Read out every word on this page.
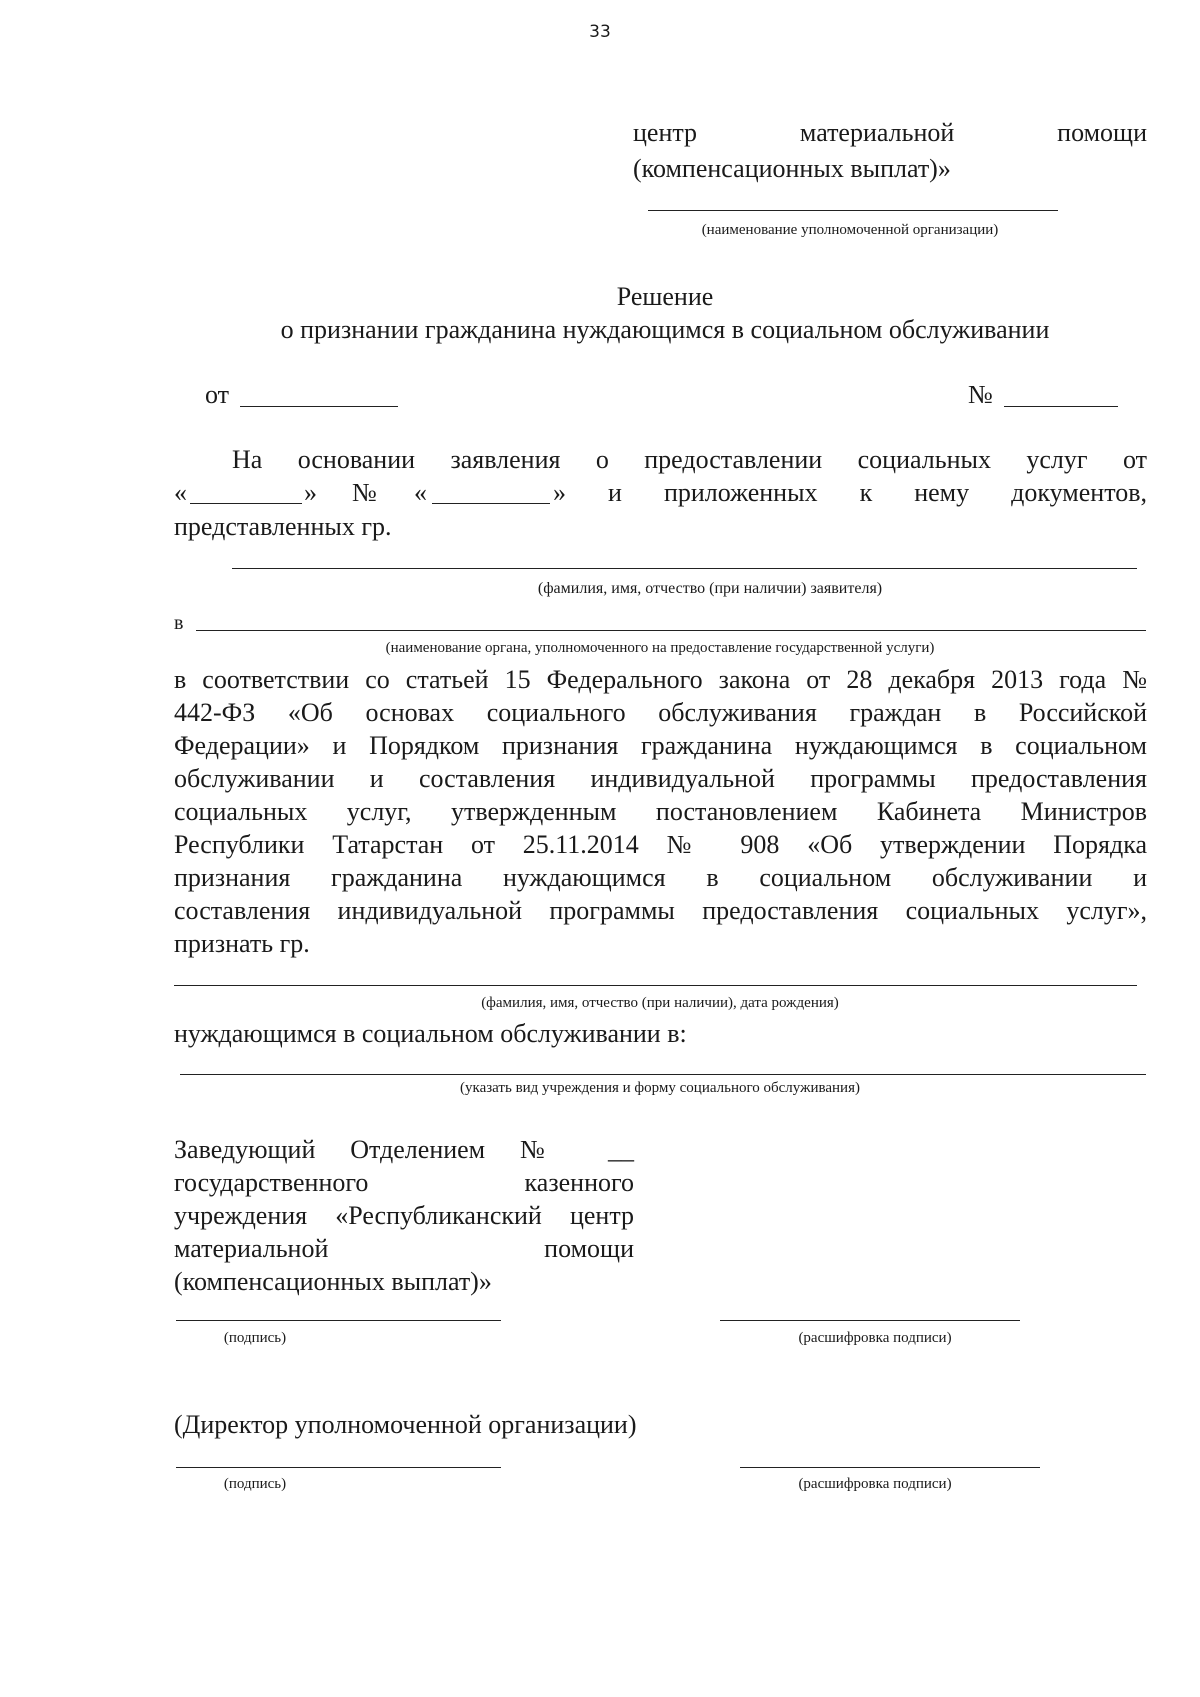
33
центр материальной помощи
(компенсационных выплат)»
(наименование уполномоченной организации)
Решение
о признании гражданина нуждающимся в социальном обслуживании
от	№
На основании заявления о предоставлении социальных услуг от
«	» № «	» и приложенных к нему документов,
представленных гр.
(фамилия, имя, отчество (при наличии) заявителя)
в
(наименование органа, уполномоченного на предоставление государственной услуги)
в соответствии со статьей 15 Федерального закона от 28 декабря 2013 года №
442-ФЗ «Об основах социального обслуживания граждан в Российской
Федерации» и Порядком признания гражданина нуждающимся в социальном
обслуживании и составления индивидуальной программы предоставления
социальных услуг, утвержденным постановлением Кабинета Министров
Республики Татарстан от 25.11.2014 № 908 «Об утверждении Порядка
признания гражданина нуждающимся в социальном обслуживании и
составления индивидуальной программы предоставления социальных услуг»,
признать гр.
(фамилия, имя, отчество (при наличии), дата рождения)
нуждающимся в социальном обслуживании в:
(указать вид учреждения и форму социального обслуживания)
Заведующий Отделением № __
государственного казенного
учреждения «Республиканский центр
материальной помощи
(компенсационных выплат)»
(подпись)	(расшифровка подписи)
(Директор уполномоченной организации)
(подпись)	(расшифровка подписи)
